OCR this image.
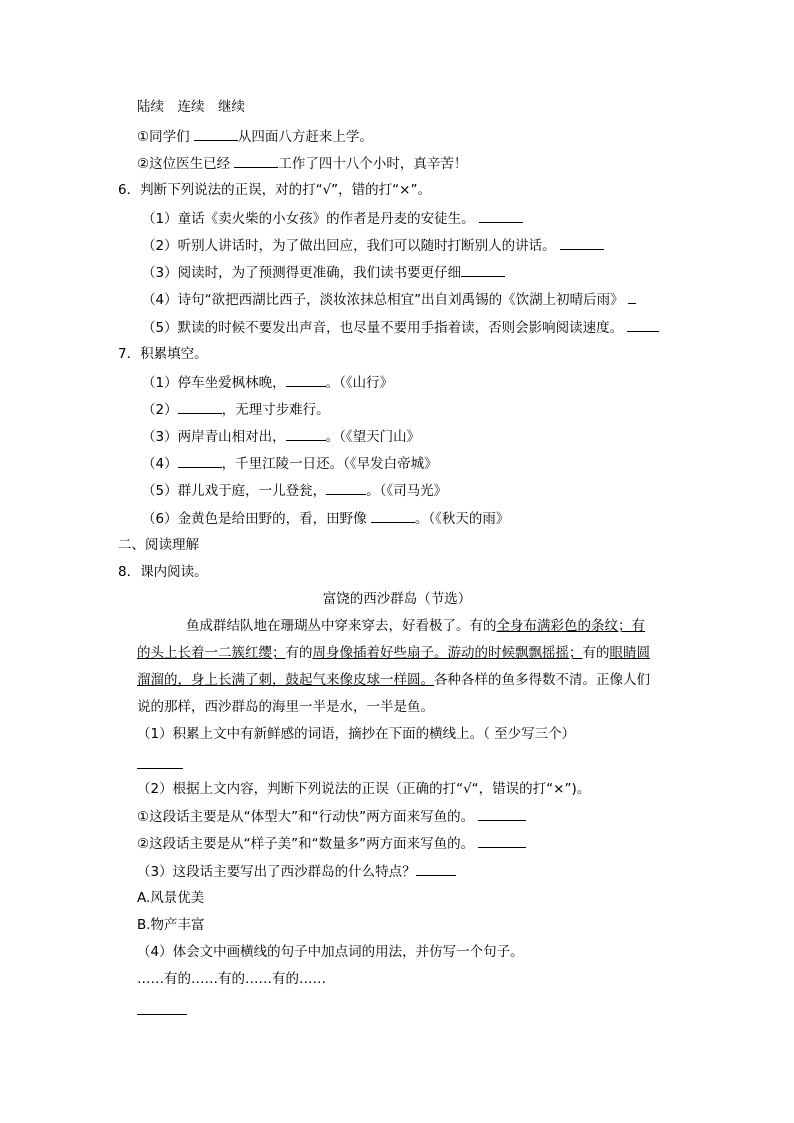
陆续　连续　继续
①同学们	从四面八方赶来上学。
②这位医生已经	工作了四十八个小时，真辛苦！
6．判断下列说法的正误，对的打“√”，错的打“×”。
（1）童话《卖火柴的小女孩》的作者是丹麦的安徒生。
（2）听别人讲话时，为了做出回应，我们可以随时打断别人的讲话。
（3）阅读时，为了预测得更准确，我们读书要更仔细
（4）诗句“欲把西湖比西子，淡妆浓抹总相宜”出自刘禹锡的《饮湖上初晴后雨》
（5）默读的时候不要发出声音，也尽量不要用手指着读，否则会影响阅读速度。
7．积累填空。
（1）停车坐爱枫林晚，	。（《山行》
（2）	，无理寸步难行。
（3）两岸青山相对出，	。（《望天门山》
（4）	，千里江陵一日还。（《早发白帝城》
（5）群儿戏于庭，一儿登瓮，	。（《司马光》
（6）金黄色是给田野的，看，田野像	。（《秋天的雨》
二、阅读理解
8．课内阅读。
富饶的西沙群岛（节选）
鱼成群结队地在珊瑚丛中穿来穿去，好看极了。有的全身布满彩色的条纹；有
的头上长着一二簇红缨；有的周身像插着好些扇子。游动的时候飘飘摇摇；有的眼睛圆
溜溜的，身上长满了刺，鼓起气来像皮球一样圆。各种各样的鱼多得数不清。正像人们
说的那样，西沙群岛的海里一半是水，一半是鱼。
（1）积累上文中有新鲜感的词语，摘抄在下面的横线上。（ 至少写三个）
（2）根据上文内容，判断下列说法的正误（正确的打“√“，错误的打“×”)。
①这段话主要是从“体型大”和“行动快”两方面来写鱼的。
②这段话主要是从“样子美”和“数量多”两方面来写鱼的。
（3）这段话主要写出了西沙群岛的什么特点？
A.风景优美
B.物产丰富
（4）体会文中画横线的句子中加点词的用法，并仿写一个句子。
……有的……有的……有的……
